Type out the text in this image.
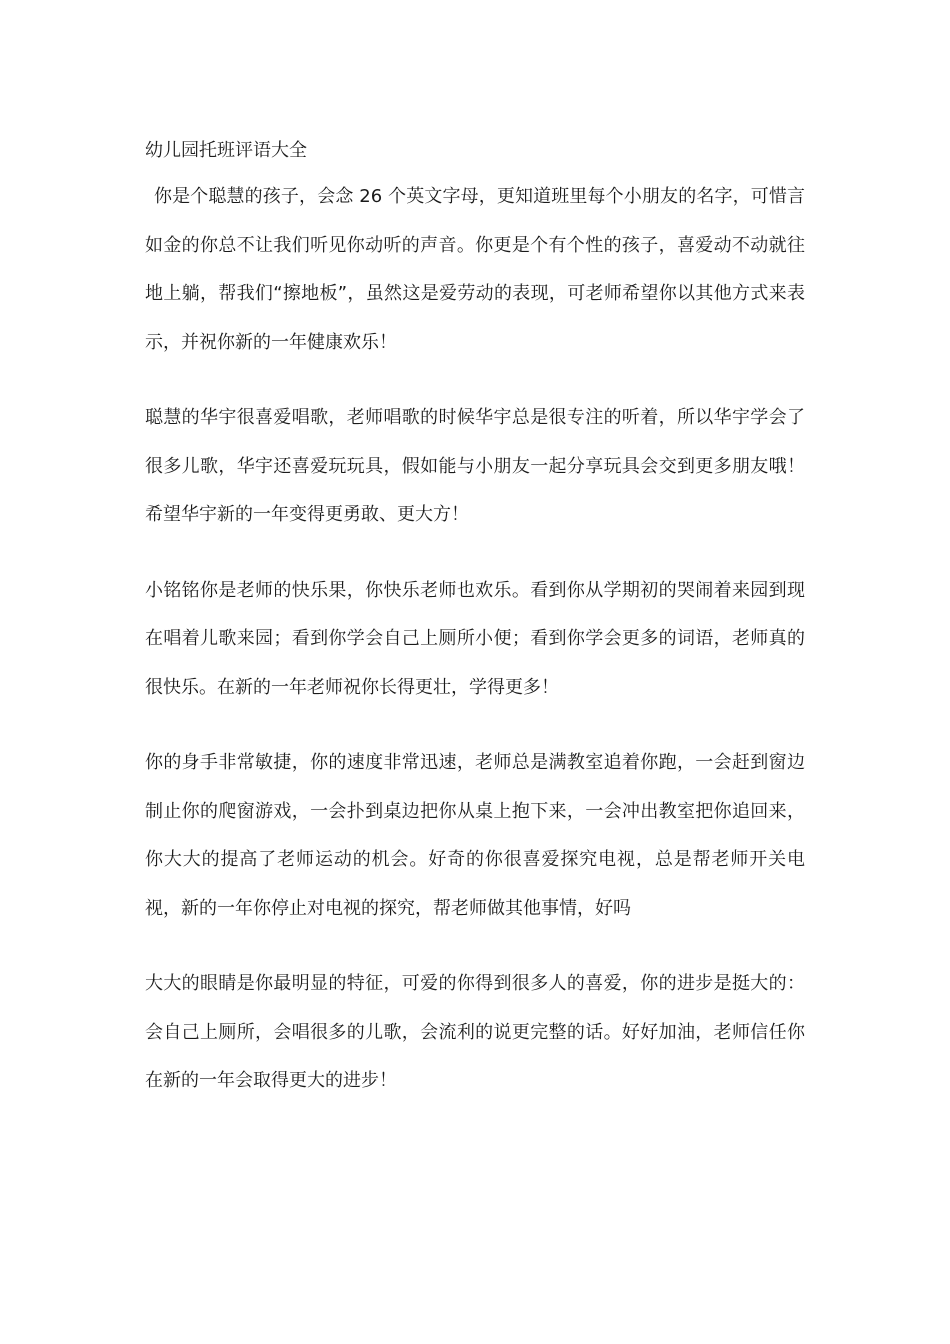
幼儿园托班评语大全

你是个聪慧的孩子，会念 26 个英文字母，更知道班里每个小朋友的名字，可惜言如金的你总不让我们听见你动听的声音。你更是个有个性的孩子，喜爱动不动就往地上躺，帮我们“擦地板”，虽然这是爱劳动的表现，可老师希望你以其他方式来表示，并祝你新的一年健康欢乐！

聪慧的华宇很喜爱唱歌，老师唱歌的时候华宇总是很专注的听着，所以华宇学会了很多儿歌，华宇还喜爱玩玩具，假如能与小朋友一起分享玩具会交到更多朋友哦！希望华宇新的一年变得更勇敢、更大方！

小铭铭你是老师的快乐果，你快乐老师也欢乐。看到你从学期初的哭闹着来园到现在唱着儿歌来园；看到你学会自己上厕所小便；看到你学会更多的词语，老师真的很快乐。在新的一年老师祝你长得更壮，学得更多！

你的身手非常敏捷，你的速度非常迅速，老师总是满教室追着你跑，一会赶到窗边制止你的爬窗游戏，一会扑到桌边把你从桌上抱下来，一会冲出教室把你追回来，你大大的提高了老师运动的机会。好奇的你很喜爱探究电视，总是帮老师开关电视，新的一年你停止对电视的探究，帮老师做其他事情，好吗

大大的眼睛是你最明显的特征，可爱的你得到很多人的喜爱，你的进步是挺大的：会自己上厕所，会唱很多的儿歌，会流利的说更完整的话。好好加油，老师信任你在新的一年会取得更大的进步！
